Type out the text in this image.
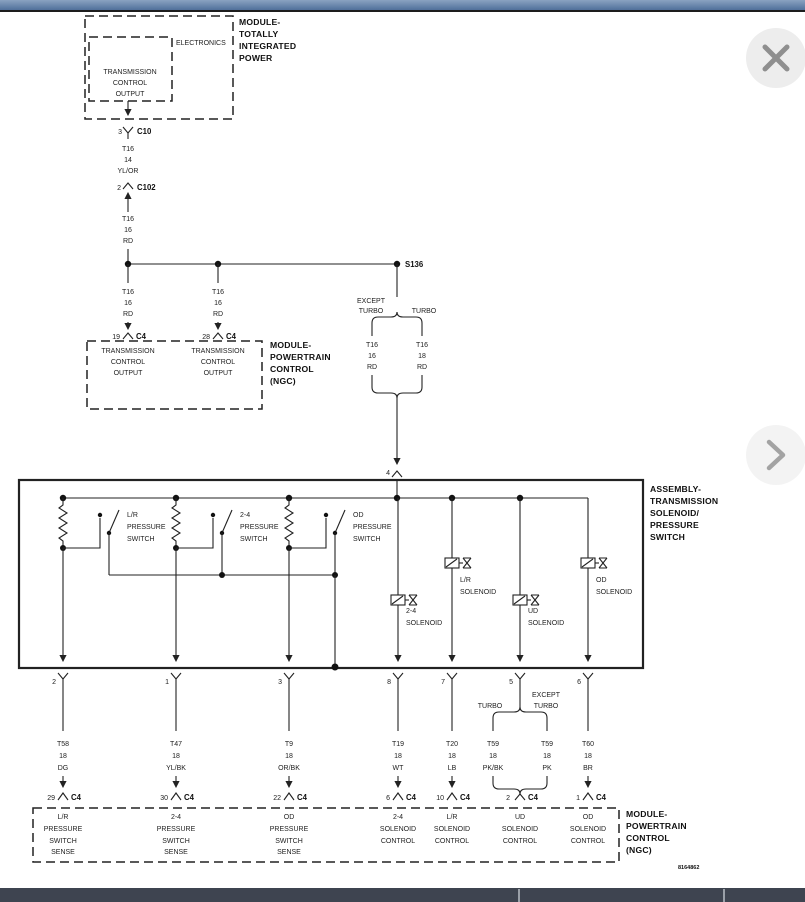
ELECTRONICS
TRANSMISSION
CONTROL
OUTPUT
MODULE-
TOTALLY
INTEGRATED
POWER
3 C10
T16
14
YL/OR
2 C102
T16
16
RD
S136
T16
16
RD
19 C4
T16
16
RD
28 C4
TRANSMISSION
CONTROL
OUTPUT
TRANSMISSION
CONTROL
OUTPUT
MODULE-
POWERTRAIN
CONTROL
(NGC)
EXCEPT
TURBO	TURBO
T16
16
RD
T16
18
RD
4
ASSEMBLY-
TRANSMISSION
SOLENOID/
PRESSURE
SWITCH
L/R
PRESSURE
SWITCH
2-4
PRESSURE
SWITCH
OD
PRESSURE
SWITCH
2-4
SOLENOID
L/R
SOLENOID
UD
SOLENOID
OD
SOLENOID
2	1	3	8	7	5	6
T58
18
DG
29 C4
T47
18
YL/BK
30 C4
T9
18
OR/BK
22 C4
T19
18
WT
6 C4
T20
18
LB
10 C4
TURBO
EXCEPT
TURBO
T59
18
PK/BK
T59
18
PK
2 C4
T60
18
BR
1 C4
L/R
PRESSURE
SWITCH
SENSE
2-4
PRESSURE
SWITCH
SENSE
OD
PRESSURE
SWITCH
SENSE
2-4
SOLENOID
CONTROL
L/R
SOLENOID
CONTROL
UD
SOLENOID
CONTROL
OD
SOLENOID
CONTROL
MODULE-
POWERTRAIN
CONTROL
(NGC)
8164862
